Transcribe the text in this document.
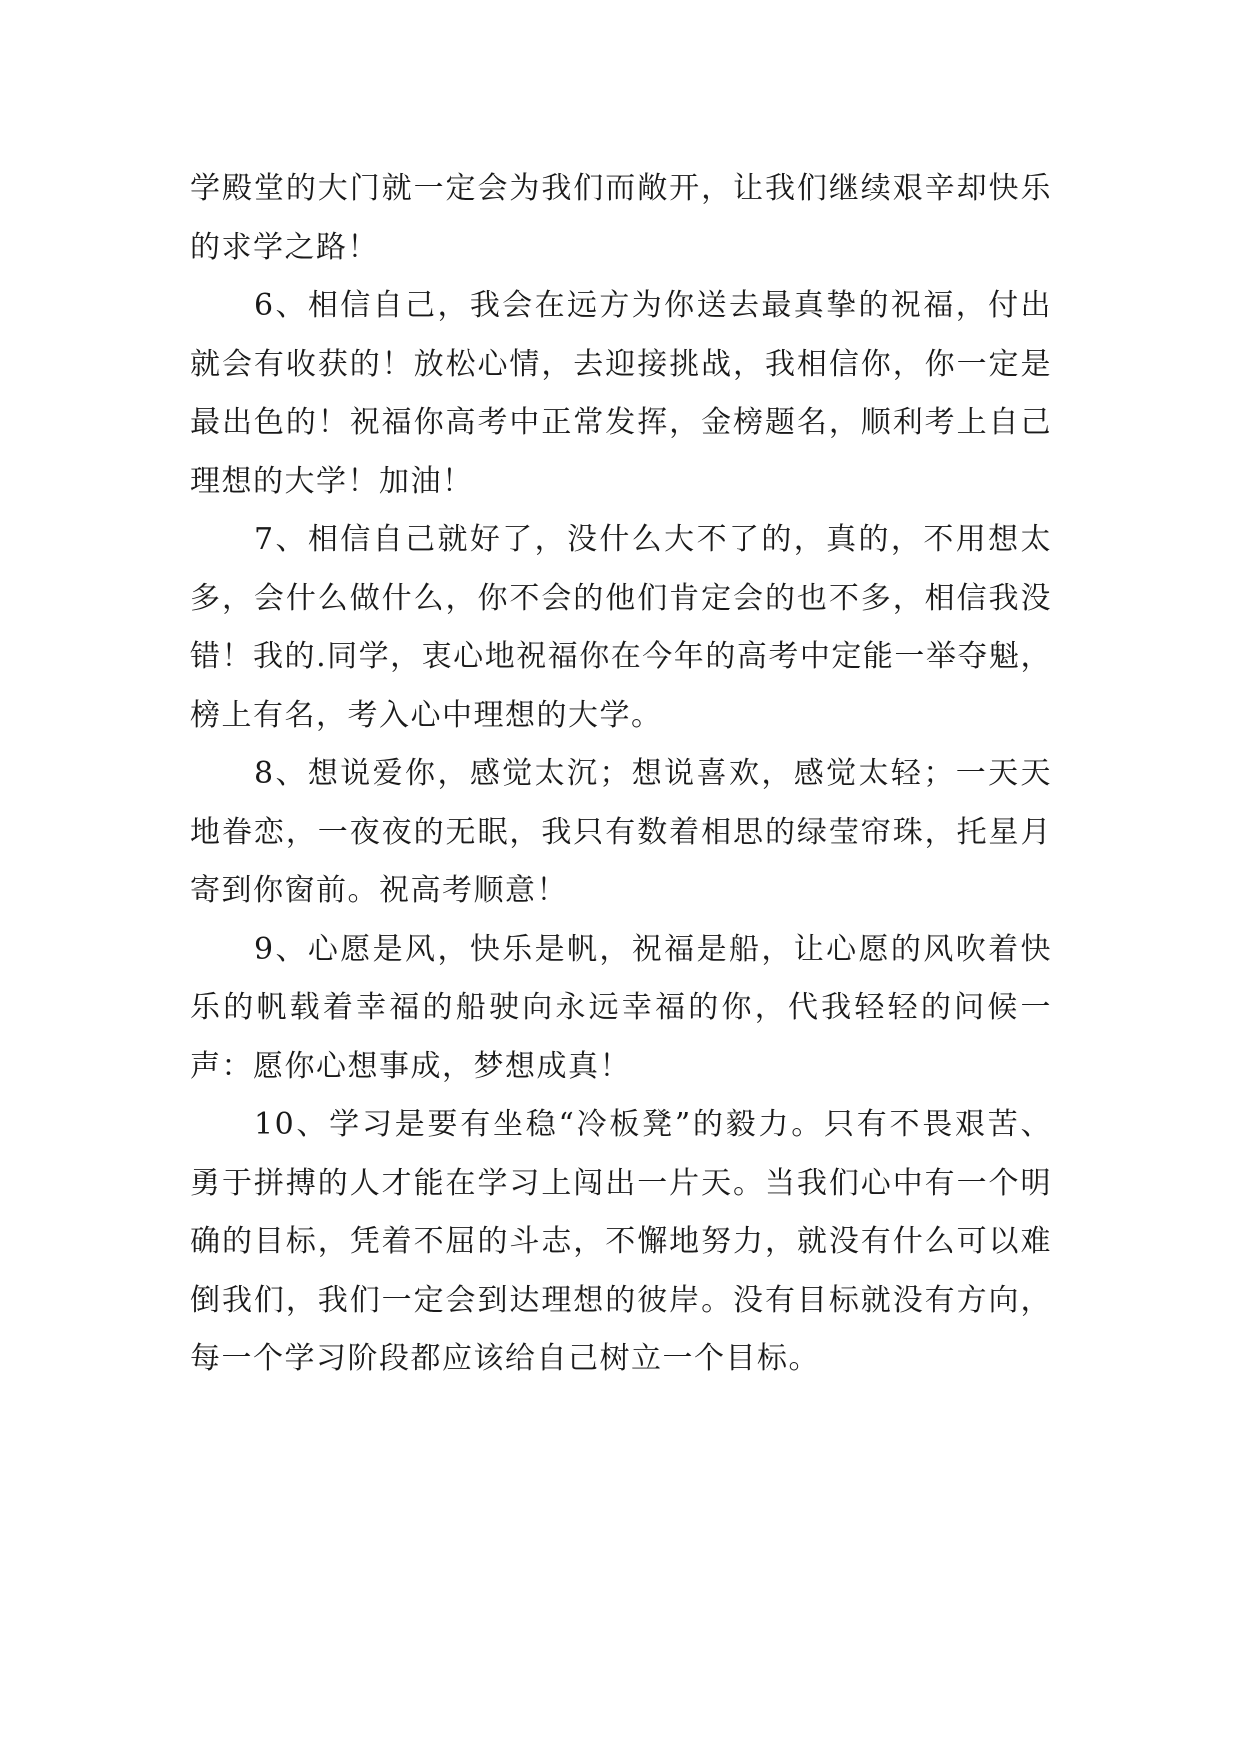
学殿堂的大门就一定会为我们而敞开，让我们继续艰辛却快乐的求学之路！

6、相信自己，我会在远方为你送去最真挚的祝福，付出就会有收获的！放松心情，去迎接挑战，我相信你，你一定是最出色的！祝福你高考中正常发挥，金榜题名，顺利考上自己理想的大学！加油！

7、相信自己就好了，没什么大不了的，真的，不用想太多，会什么做什么，你不会的他们肯定会的也不多，相信我没错！我的.同学，衷心地祝福你在今年的高考中定能一举夺魁，榜上有名，考入心中理想的大学。

8、想说爱你，感觉太沉；想说喜欢，感觉太轻；一天天地眷恋，一夜夜的无眠，我只有数着相思的绿莹帘珠，托星月寄到你窗前。祝高考顺意！

9、心愿是风，快乐是帆，祝福是船，让心愿的风吹着快乐的帆载着幸福的船驶向永远幸福的你，代我轻轻的问候一声：愿你心想事成，梦想成真！

10、学习是要有坐稳“冷板凳”的毅力。只有不畏艰苦、勇于拼搏的人才能在学习上闯出一片天。当我们心中有一个明确的目标，凭着不屈的斗志，不懈地努力，就没有什么可以难倒我们，我们一定会到达理想的彼岸。没有目标就没有方向，每一个学习阶段都应该给自己树立一个目标。
